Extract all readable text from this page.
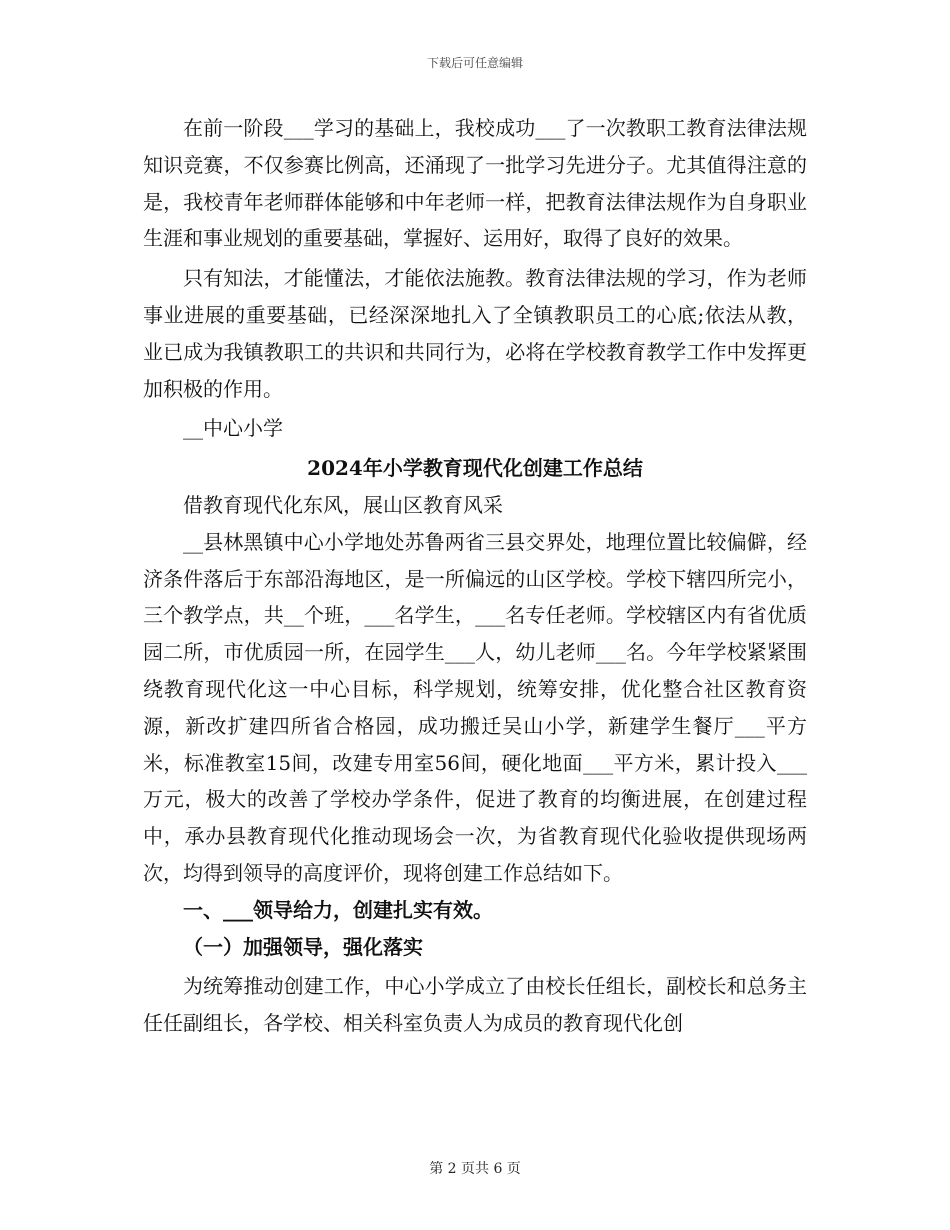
下载后可任意编辑

在前一阶段___学习的基础上，我校成功___了一次教职工教育法律法规知识竞赛，不仅参赛比例高，还涌现了一批学习先进分子。尤其值得注意的是，我校青年老师群体能够和中年老师一样，把教育法律法规作为自身职业生涯和事业规划的重要基础，掌握好、运用好，取得了良好的效果。

只有知法，才能懂法，才能依法施教。教育法律法规的学习，作为老师事业进展的重要基础，已经深深地扎入了全镇教职员工的心底;依法从教，业已成为我镇教职工的共识和共同行为，必将在学校教育教学工作中发挥更加积极的作用。

__中心小学

2024年小学教育现代化创建工作总结

借教育现代化东风，展山区教育风采

__县林黑镇中心小学地处苏鲁两省三县交界处，地理位置比较偏僻，经济条件落后于东部沿海地区，是一所偏远的山区学校。学校下辖四所完小，三个教学点，共__个班，___名学生，___名专任老师。学校辖区内有省优质园二所，市优质园一所，在园学生___人，幼儿老师___名。今年学校紧紧围绕教育现代化这一中心目标，科学规划，统筹安排，优化整合社区教育资源，新改扩建四所省合格园，成功搬迁吴山小学，新建学生餐厅___平方米，标准教室15间，改建专用室56间，硬化地面___平方米，累计投入___万元，极大的改善了学校办学条件，促进了教育的均衡进展，在创建过程中，承办县教育现代化推动现场会一次，为省教育现代化验收提供现场两次，均得到领导的高度评价，现将创建工作总结如下。

一、___领导给力，创建扎实有效。

（一）加强领导，强化落实

为统筹推动创建工作，中心小学成立了由校长任组长，副校长和总务主任任副组长，各学校、相关科室负责人为成员的教育现代化创

第 2 页共 6 页
